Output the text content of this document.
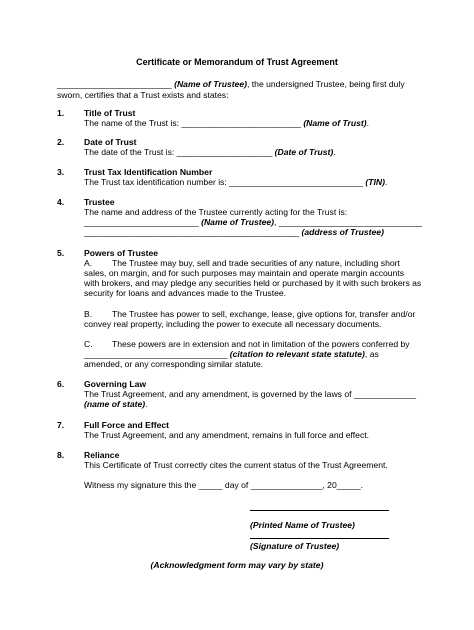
Certificate or Memorandum of Trust Agreement
________________________ (Name of Trustee), the undersigned Trustee, being first duly
sworn, certifies that a Trust exists and states:
1. Title of Trust
The name of the Trust is: _________________________ (Name of Trust).
2. Date of Trust
The date of the Trust is: ____________________ (Date of Trust).
3. Trust Tax Identification Number
The Trust tax identification number is: ____________________________ (TIN).
4. Trustee
The name and address of the Trustee currently acting for the Trust is:
________________________ (Name of Trustee), ______________________________
_____________________________________________ (address of Trustee)
5. Powers of Trustee
A. The Trustee may buy, sell and trade securities of any nature, including short
sales, on margin, and for such purposes may maintain and operate margin accounts
with brokers, and may pledge any securities held or purchased by it with such brokers as
security for loans and advances made to the Trustee.
B. The Trustee has power to sell, exchange, lease, give options for, transfer and/or
convey real property, including the power to execute all necessary documents.
C. These powers are in extension and not in limitation of the powers conferred by
______________________________ (citation to relevant state statute), as
amended, or any corresponding similar statute.
6. Governing Law
The Trust Agreement, and any amendment, is governed by the laws of _____________
(name of state).
7. Full Force and Effect
The Trust Agreement, and any amendment, remains in full force and effect.
8. Reliance
This Certificate of Trust correctly cites the current status of the Trust Agreement.
Witness my signature this the _____ day of _______________, 20_____.
(Printed Name of Trustee)
(Signature of Trustee)
(Acknowledgment form may vary by state)
